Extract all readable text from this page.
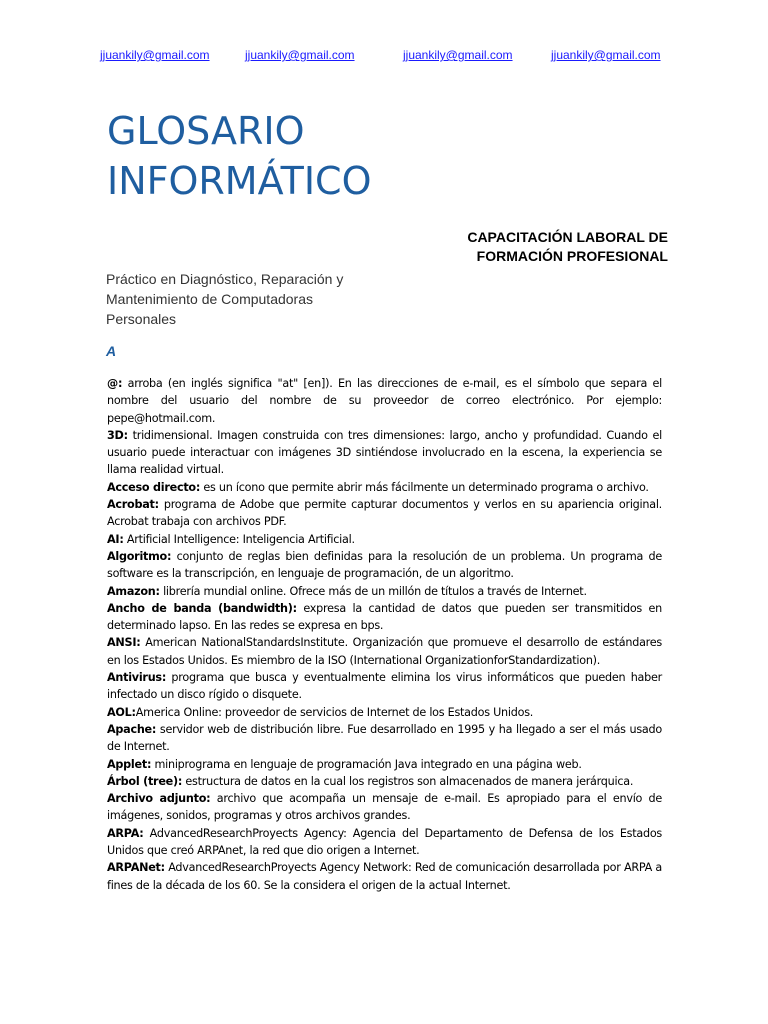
jjuankily@gmail.com	jjuankily@gmail.com	jjuankily@gmail.com	jjuankily@gmail.com
GLOSARIO
INFORMÁTICO
CAPACITACIÓN LABORAL DE
FORMACIÓN PROFESIONAL
Práctico en Diagnóstico, Reparación y
Mantenimiento de Computadoras
Personales
A

@: arroba (en inglés significa "at" [en]). En las direcciones de e-mail, es el símbolo que separa el nombre del usuario del nombre de su proveedor de correo electrónico. Por ejemplo: pepe@hotmail.com.

3D: tridimensional. Imagen construida con tres dimensiones: largo, ancho y profundidad. Cuando el usuario puede interactuar con imágenes 3D sintiéndose involucrado en la escena, la experiencia se llama realidad virtual.

Acceso directo: es un ícono que permite abrir más fácilmente un determinado programa o archivo.

Acrobat: programa de Adobe que permite capturar documentos y verlos en su apariencia original. Acrobat trabaja con archivos PDF.

AI: Artificial Intelligence: Inteligencia Artificial.

Algoritmo: conjunto de reglas bien definidas para la resolución de un problema. Un programa de software es la transcripción, en lenguaje de programación, de un algoritmo.

Amazon: librería mundial online. Ofrece más de un millón de títulos a través de Internet.

Ancho de banda (bandwidth): expresa la cantidad de datos que pueden ser transmitidos en determinado lapso. En las redes se expresa en bps.

ANSI: American NationalStandardsInstitute. Organización que promueve el desarrollo de estándares en los Estados Unidos. Es miembro de la ISO (International OrganizationforStandardization).

Antivirus: programa que busca y eventualmente elimina los virus informáticos que pueden haber infectado un disco rígido o disquete.

AOL:America Online: proveedor de servicios de Internet de los Estados Unidos.

Apache: servidor web de distribución libre. Fue desarrollado en 1995 y ha llegado a ser el más usado de Internet.

Applet: miniprograma en lenguaje de programación Java integrado en una página web.

Árbol (tree): estructura de datos en la cual los registros son almacenados de manera jerárquica.

Archivo adjunto: archivo que acompaña un mensaje de e-mail. Es apropiado para el envío de imágenes, sonidos, programas y otros archivos grandes.

ARPA: AdvancedResearchProyects Agency: Agencia del Departamento de Defensa de los Estados Unidos que creó ARPAnet, la red que dio origen a Internet.

ARPANet: AdvancedResearchProyects Agency Network: Red de comunicación desarrollada por ARPA a fines de la década de los 60. Se la considera el origen de la actual Internet.
